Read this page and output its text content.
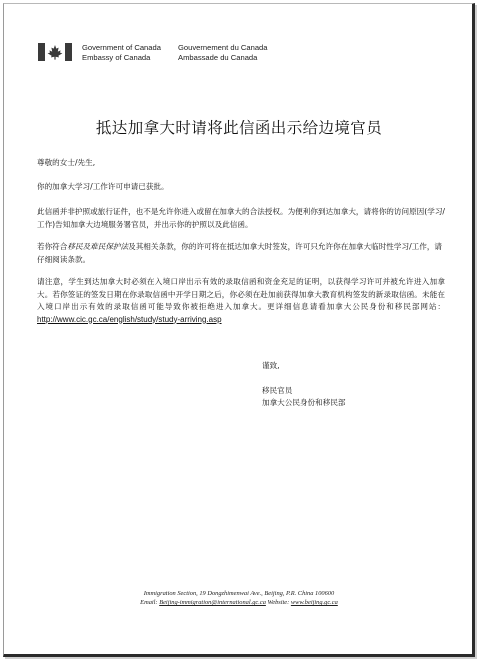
Government of Canada
Embassy of Canada
Gouvernement du Canada
Ambassade du Canada
抵达加拿大时请将此信函出示给边境官员

尊敬的女士/先生,

你的加拿大学习/工作许可申请已获批。

此信函并非护照或旅行证件，也不是允许你进入或留在加拿大的合法授权。为便利你到达加拿大，请将你的访问原因(学习/工作)告知加拿大边境服务署官员，并出示你的护照以及此信函。

若你符合移民及难民保护法及其相关条款，你的许可将在抵达加拿大时签发，许可只允许你在加拿大临时性学习/工作，请仔细阅读条款。

请注意，学生到达加拿大时必须在入境口岸出示有效的录取信函和资金充足的证明，以获得学习许可并被允许进入加拿大。若你签证的签发日期在你录取信函中开学日期之后，你必须在赴加前获得加拿大教育机构签发的新录取信函。未能在入境口岸出示有效的录取信函可能导致你被拒绝进入加拿大。更详细信息请看加拿大公民身份和移民部网站：
http://www.cic.gc.ca/english/study/study-arriving.asp

谨致,
移民官员
加拿大公民身份和移民部
Immigration Section, 19 Dongzhimenwai Ave., Beijing, P.R. China 100600
Email: Beijing-immigration@international.gc.ca Website: www.beijing.gc.ca
